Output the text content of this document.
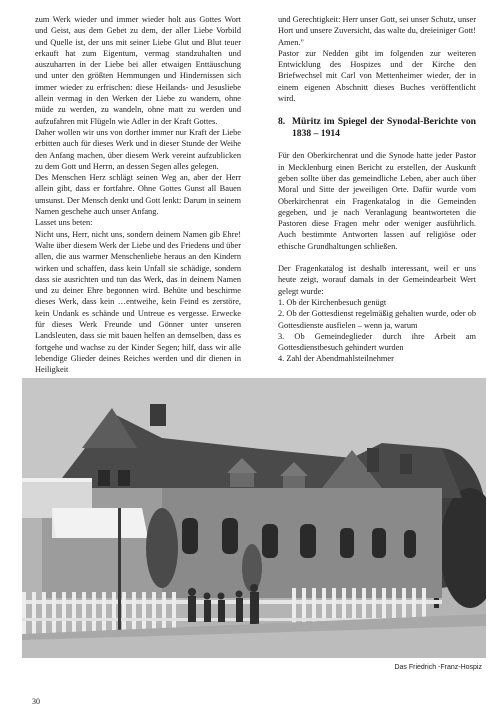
zum Werk wieder und immer wieder holt aus Gottes Wort und Geist, aus dem Gebet zu dem, der aller Liebe Vorbild und Quelle ist, der uns mit seiner Liebe Glut und Blut teuer erkauft hat zum Eigentum, vermag standzuhalten und auszuharren in der Liebe bei aller etwaigen Enttäuschung und unter den größten Hemmungen und Hindernissen sich immer wieder zu erfrischen: diese Heilands- und Jesusliebe allein vermag in den Werken der Liebe zu wandern, ohne müde zu werden, zu wandeln, ohne matt zu werden und aufzufahren mit Flügeln wie Adler in der Kraft Gottes.

Daher wollen wir uns von dorther immer nur Kraft der Liebe erbitten auch für dieses Werk und in dieser Stunde der Weihe den Anfang machen, über diesem Werk vereint aufzublicken zu dem Gott und Herrn, an dessen Segen alles gelegen.

Des Menschen Herz schlägt seinen Weg an, aber der Herr allein gibt, dass er fortfahre. Ohne Gottes Gunst all Bauen umsunst. Der Mensch denkt und Gott lenkt: Darum in seinem Namen geschehe auch unser Anfang.

Lasset uns beten:

Nicht uns, Herr, nicht uns, sondern deinem Namen gib Ehre! Walte über diesem Werk der Liebe und des Friedens und über allen, die aus warmer Menschenliebe heraus an den Kindern wirken und schaffen, dass kein Unfall sie schädige, sondern dass sie ausrichten und tun das Werk, das in deinem Namen und zu deiner Ehre begonnen wird. Behüte und beschirme dieses Werk, dass kein …entweihe, kein Feind es zerstöre, kein Undank es schände und Untreue es vergesse. Erwecke für dieses Werk Freunde und Gönner unter unseren Landsleuten, dass sie mit bauen helfen an demselben, dass es fortgehe und wachse zu der Kinder Segen; hilf, dass wir alle lebendige Glieder deines Reiches werden und dir dienen in Heiligkeit

und Gerechtigkeit: Herr unser Gott, sei unser Schutz, unser Hort und unsere Zuversicht, das walte du, dreieiniger Gott! Amen."

Pastor zur Nedden gibt im folgenden zur weiteren Entwicklung des Hospizes und der Kirche den Briefwechsel mit Carl von Mettenheimer wieder, der in einem eigenen Abschnitt dieses Buches veröffentlicht wird.

8. Müritz im Spiegel der Synodal-Berichte von 1838 – 1914

Für den Oberkirchenrat und die Synode hatte jeder Pastor in Mecklenburg einen Bericht zu erstellen, der Auskunft geben sollte über das gemeindliche Leben, aber auch über Moral und Sitte der jeweiligen Orte. Dafür wurde vom Oberkirchenrat ein Fragenkatalog in die Gemeinden gegeben, und je nach Veranlagung beantworteten die Pastoren diese Fragen mehr oder weniger ausführlich. Auch bestimmte Antworten lassen auf religiöse oder ethische Grundhaltungen schließen.

Der Fragenkatalog ist deshalb interessant, weil er uns heute zeigt, worauf damals in der Gemeindearbeit Wert gelegt wurde:

1. Ob der Kirchenbesuch genügt
2. Ob der Gottesdienst regelmäßig gehalten wurde, oder ob Gottesdienste ausfielen – wenn ja, warum
3. Ob Gemeindeglieder durch ihre Arbeit am Gottesdienstbesuch gehindert wurden
4. Zahl der Abendmahlsteilnehmer
Das Friedrich -Franz-Hospiz
30
